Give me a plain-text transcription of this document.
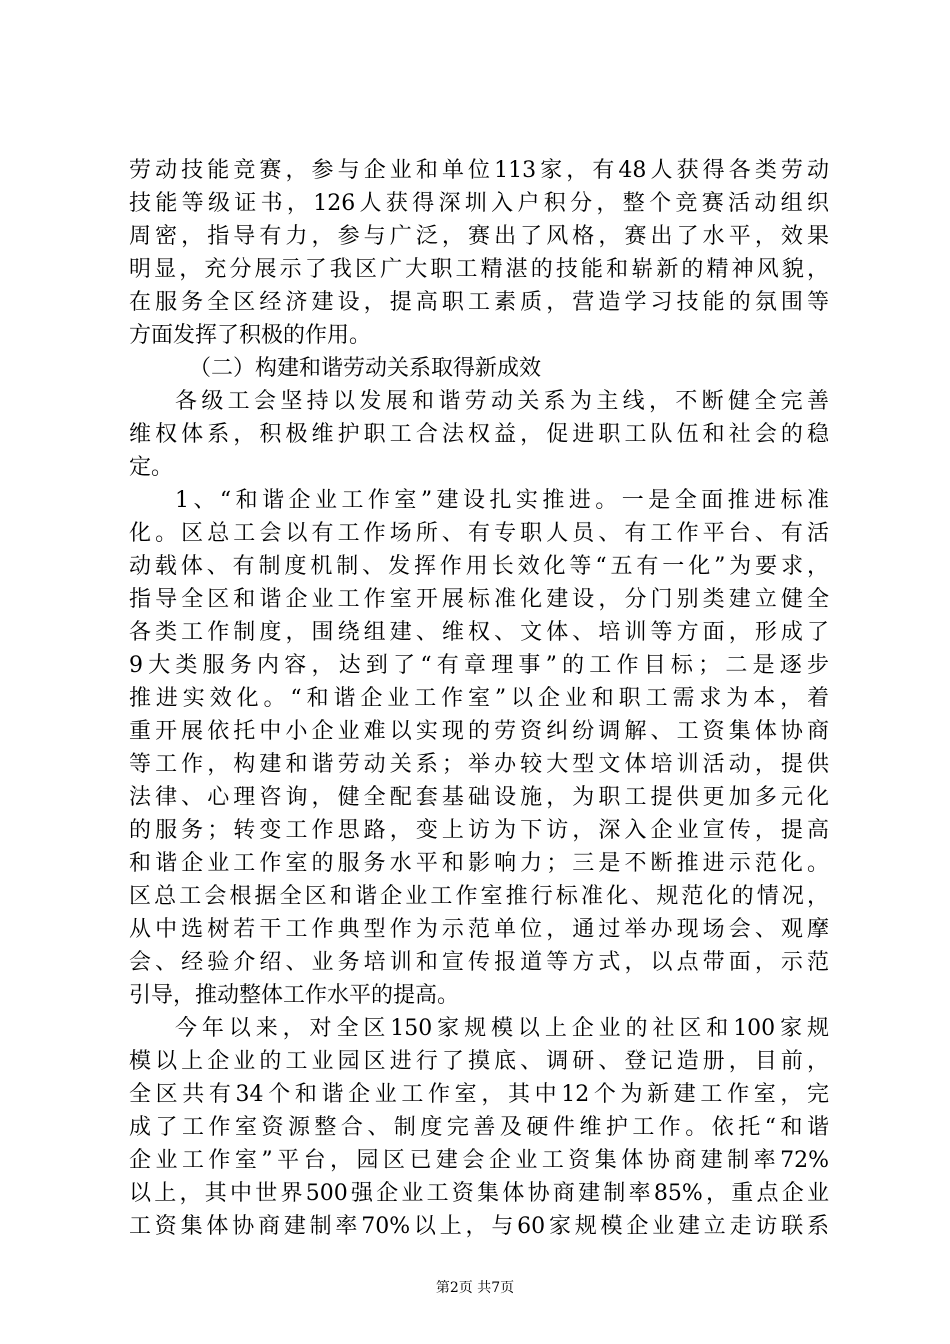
劳动技能竞赛，参与企业和单位113家，有48人获得各类劳动
技能等级证书，126人获得深圳入户积分，整个竞赛活动组织
周密，指导有力，参与广泛，赛出了风格，赛出了水平，效果
明显，充分展示了我区广大职工精湛的技能和崭新的精神风貌，
在服务全区经济建设，提高职工素质，营造学习技能的氛围等
方面发挥了积极的作用。
（二）构建和谐劳动关系取得新成效
各级工会坚持以发展和谐劳动关系为主线，不断健全完善
维权体系，积极维护职工合法权益，促进职工队伍和社会的稳
定。
1、“和谐企业工作室”建设扎实推进。一是全面推进标准
化。区总工会以有工作场所、有专职人员、有工作平台、有活
动载体、有制度机制、发挥作用长效化等“五有一化”为要求，
指导全区和谐企业工作室开展标准化建设，分门别类建立健全
各类工作制度，围绕组建、维权、文体、培训等方面，形成了
9大类服务内容，达到了“有章理事”的工作目标；二是逐步
推进实效化。“和谐企业工作室”以企业和职工需求为本，着
重开展依托中小企业难以实现的劳资纠纷调解、工资集体协商
等工作，构建和谐劳动关系；举办较大型文体培训活动，提供
法律、心理咨询，健全配套基础设施，为职工提供更加多元化
的服务；转变工作思路，变上访为下访，深入企业宣传，提高
和谐企业工作室的服务水平和影响力；三是不断推进示范化。
区总工会根据全区和谐企业工作室推行标准化、规范化的情况，
从中选树若干工作典型作为示范单位，通过举办现场会、观摩
会、经验介绍、业务培训和宣传报道等方式，以点带面，示范
引导，推动整体工作水平的提高。
今年以来，对全区150家规模以上企业的社区和100家规
模以上企业的工业园区进行了摸底、调研、登记造册，目前，
全区共有34个和谐企业工作室，其中12个为新建工作室，完
成了工作室资源整合、制度完善及硬件维护工作。依托“和谐
企业工作室”平台，园区已建会企业工资集体协商建制率72%
以上，其中世界500强企业工资集体协商建制率85%，重点企业
工资集体协商建制率70%以上，与60家规模企业建立走访联系
第2页 共7页
